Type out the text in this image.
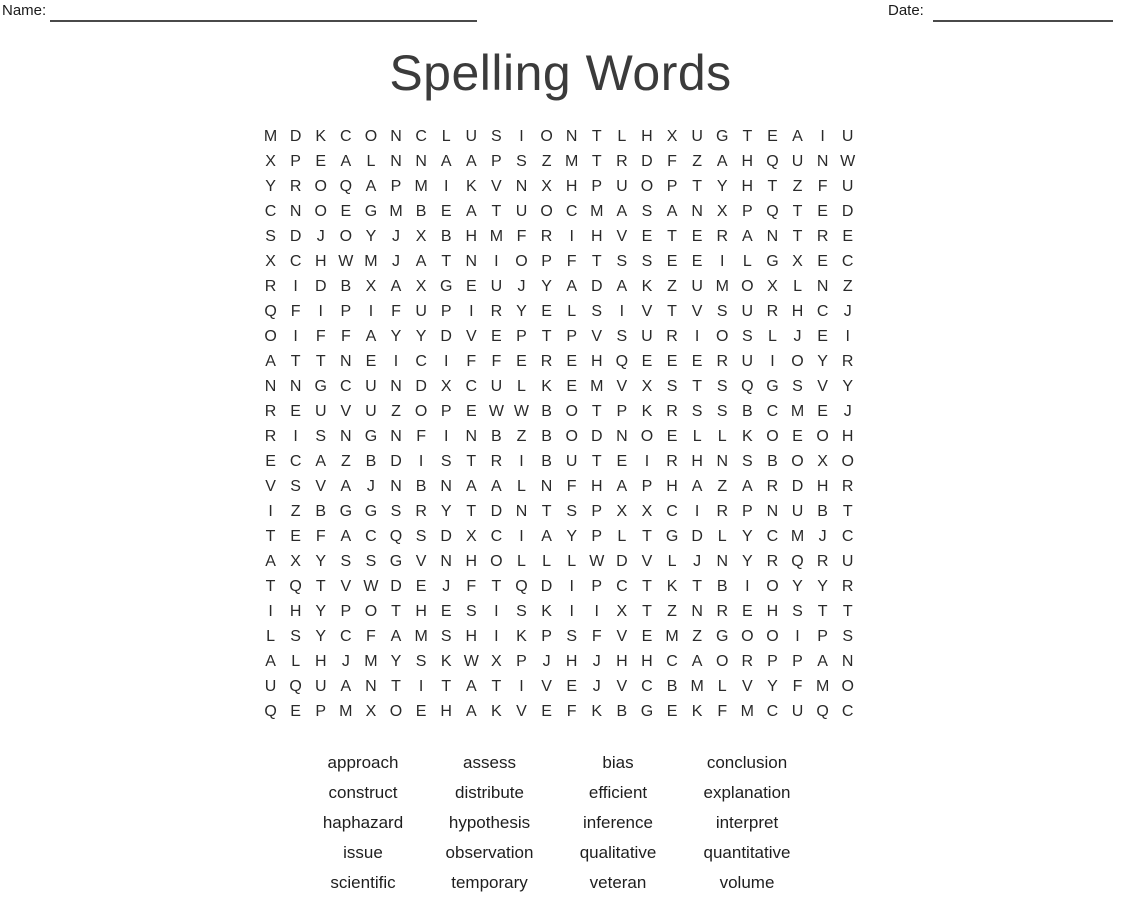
Name:	Date:
Spelling Words
M D K C O N C L U S	I	O N T L H X U G T E A	I	U
X P E A L N N A A P S Z M T R D F Z A H Q U N W
Y R O Q A P M	I	K V N X H P U O P T Y H T Z F U
C N O E G M B E A T U O C M A S A N X P Q T E D
S D J O Y J X B H M F R	I	H V E T E R A N T R E
X C H W M J A T N	I	O P F T S S E E	I	L G X E C
R	I	D B X A X G E U J Y A D A K Z U M O X L N Z
Q F	I	P	I	F U P	I	R Y E L S	I	V T V S U R H C J
O	I	F F A Y Y D V E P T P V S U R	I	O S L	J E	I
A T T N E	I	C	I	F F E R E H Q E E E R U	I	O Y R
N N G C U N D X C U L K E M V X S T S Q G S V Y
R E U V U Z O P E W W B O T P K R S S B C M E J
R	I	S N G N F	I	N B Z B O D N O E L	L K O E O H
E C A Z B D	I	S T R	I	B U T E	I	R H N S B O X O
V S V A J N B N A A L N F H A P H A Z A R D H R
I	Z B G G S R Y T D N T S P X X C	I	R P N U B T
T E F A C Q S D X C	I	A Y P L T G D L Y C M J C
A X Y S S G V N H O L	L	L W D V L	J N Y R Q R U
T Q T V W D E J	F T Q D	I	P C T K T B	I	O Y Y R
I	H Y P O T H E S	I	S K	I	I	X T Z N R E H S T T
L S Y C F A M S H	I	K P S F V E M Z G O O	I	P S
A L H J M Y S K W X P J H J H H C A O R P P A N
U Q U A N T	I	T A T	I	V E J V C B M L V Y F M O
Q E P M X O E H A K V E F K B G E K F M C U Q C
approach	assess	bias	conclusion
construct	distribute	efficient	explanation
haphazard	hypothesis	inference	interpret
issue	observation	qualitative	quantitative
scientific	temporary	veteran	volume
